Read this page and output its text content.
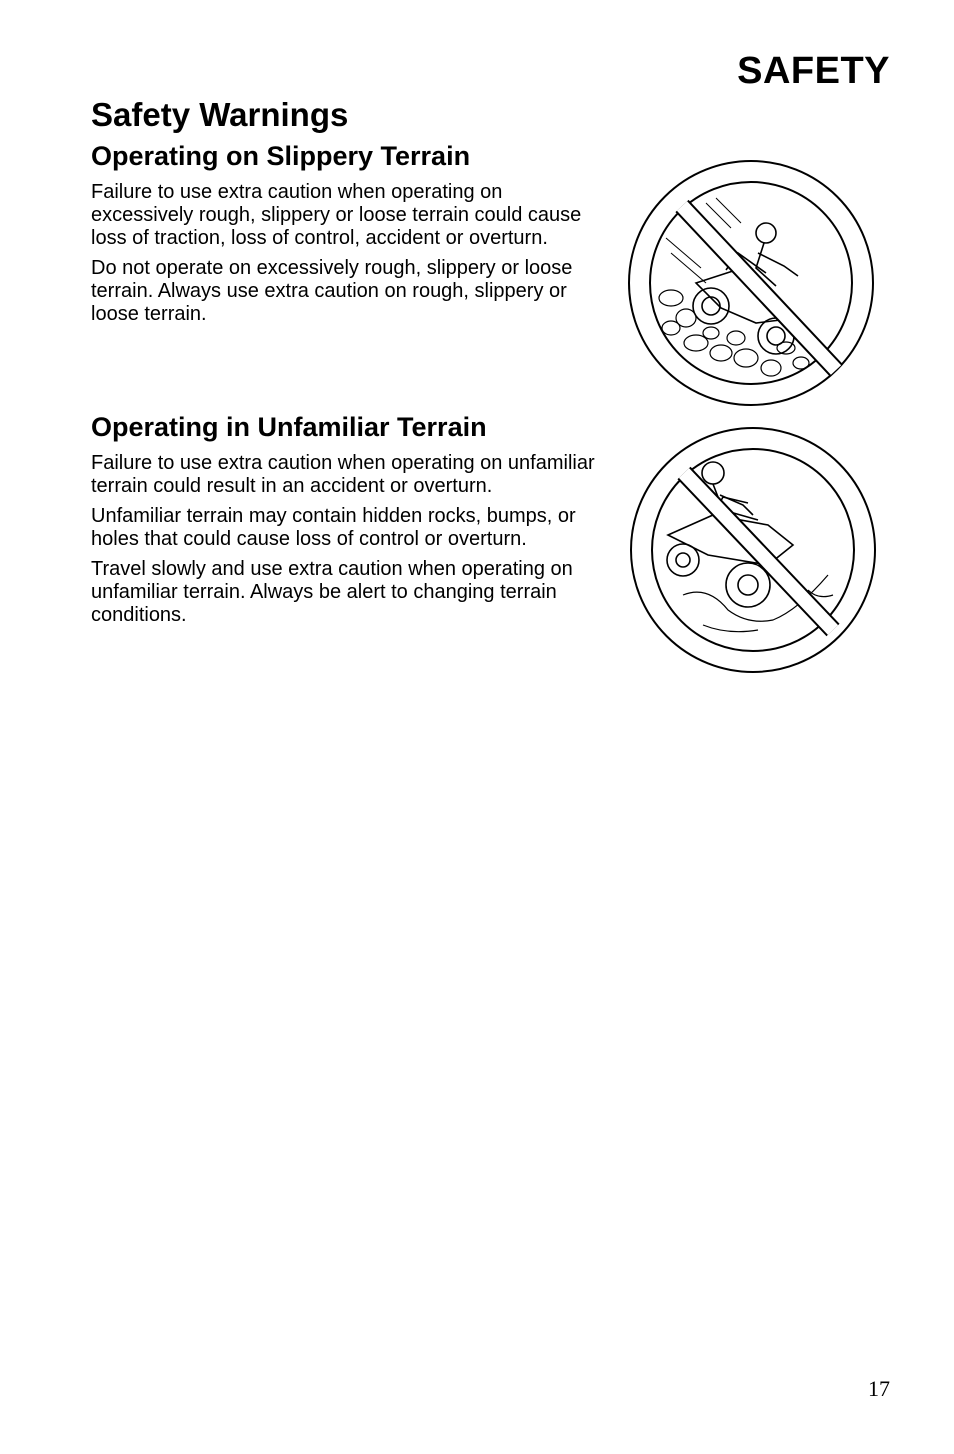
SAFETY
Safety Warnings
Operating on Slippery Terrain

Failure to use extra caution when operating on excessively rough, slippery or loose terrain could cause loss of traction, loss of control, accident or overturn.

Do not operate on excessively rough, slippery or loose terrain. Always use extra caution on rough, slippery or loose terrain.

Operating in Unfamiliar Terrain

Failure to use extra caution when operating on unfamiliar terrain could result in an accident or overturn.

Unfamiliar terrain may contain hidden rocks, bumps, or holes that could cause loss of control or overturn.

Travel slowly and use extra caution when operating on unfamiliar terrain. Always be alert to changing terrain conditions.

17
